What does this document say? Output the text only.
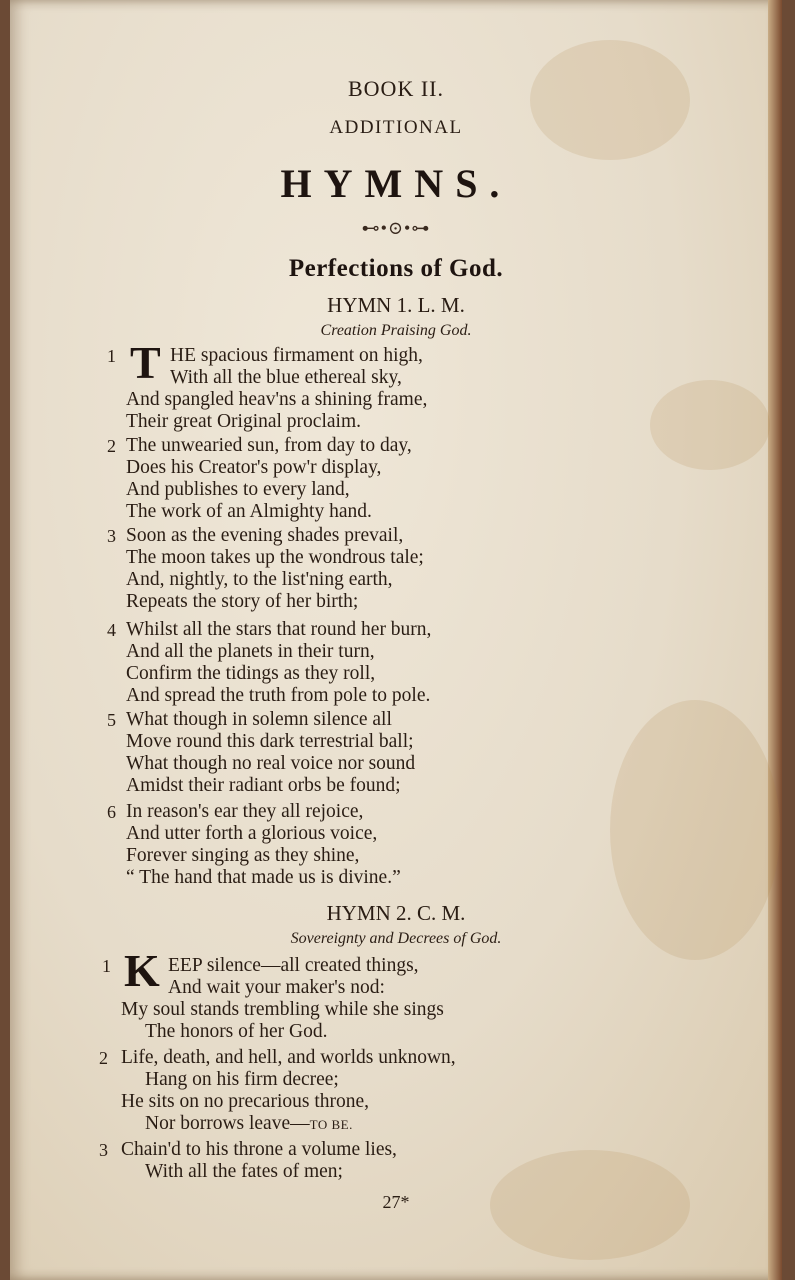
BOOK II.
ADDITIONAL
HYMNS.
⊷•⊙•⊶
Perfections of God.
HYMN 1. L. M.
Creation Praising God.
T
1	HE spacious firmament on high,
With all the blue ethereal sky,
And spangled heav'ns a shining frame,
Their great Original proclaim.
2 The unwearied sun, from day to day,
Does his Creator's pow'r display,
And publishes to every land,
The work of an Almighty hand.
3 Soon as the evening shades prevail,
The moon takes up the wondrous tale;
And, nightly, to the list'ning earth,
Repeats the story of her birth;
4 Whilst all the stars that round her burn,
And all the planets in their turn,
Confirm the tidings as they roll,
And spread the truth from pole to pole.
5 What though in solemn silence all
Move round this dark terrestrial ball;
What though no real voice nor sound
Amidst their radiant orbs be found;
6 In reason's ear they all rejoice,
And utter forth a glorious voice,
Forever singing as they shine,
“ The hand that made us is divine.”
HYMN 2. C. M.
Sovereignty and Decrees of God.
K
1	EEP silence—all created things,
And wait your maker's nod:
My soul stands trembling while she sings
The honors of her God.
2 Life, death, and hell, and worlds unknown,
Hang on his firm decree;
He sits on no precarious throne,
Nor borrows leave—TO BE.
3 Chain'd to his throne a volume lies,
With all the fates of men;
27*
